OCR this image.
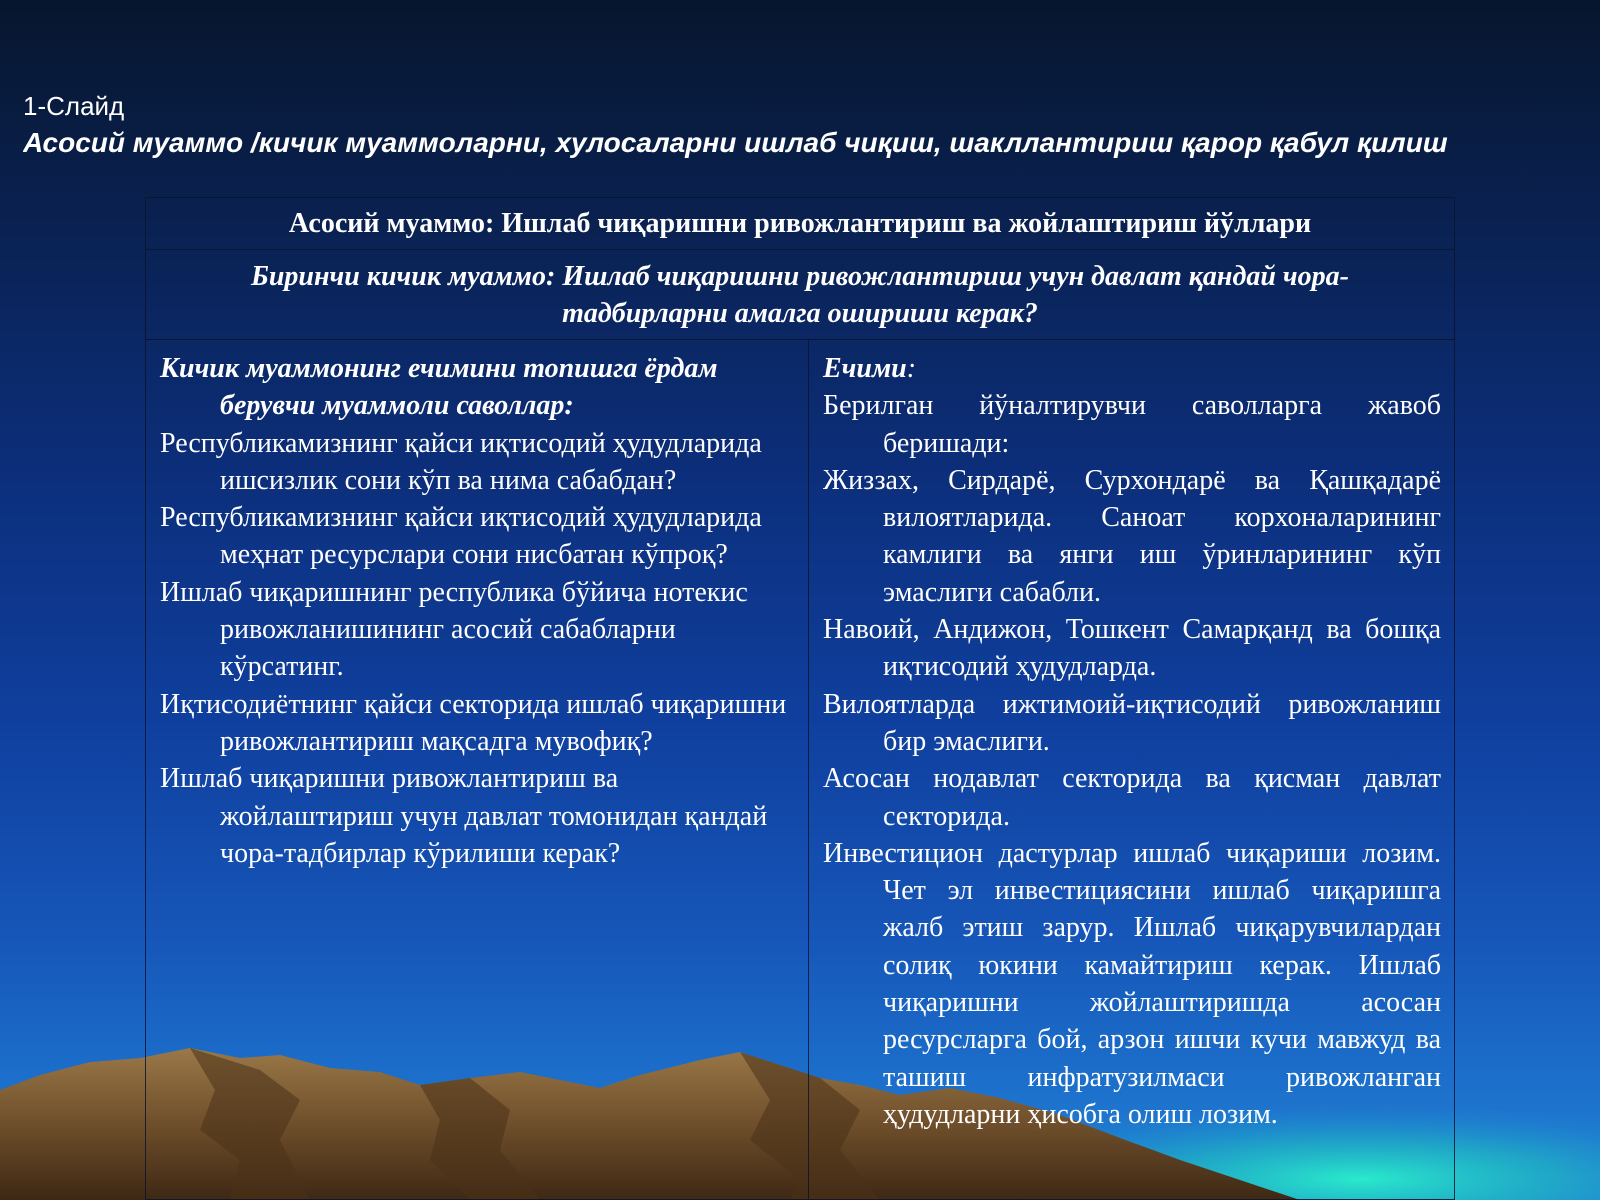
1-Слайд
Асосий муаммо /кичик муаммоларни, хулосаларни ишлаб чиқиш, шакллантириш қарор қабул қилиш
Асосий муаммо: Ишлаб чиқаришни ривожлантириш ва жойлаштириш йўллари
Биринчи кичик муаммо: Ишлаб чиқаришни ривожлантириш учун давлат қандай чора-тадбирларни амалга ошириши керак?
Кичик муаммонинг ечимини топишга ёрдам берувчи муаммоли саволлар:
Республикамизнинг қайси иқтисодий ҳудудларида ишсизлик сони кўп ва нима сабабдан?
Республикамизнинг қайси иқтисодий ҳудудларида меҳнат ресурслари сони нисбатан кўпроқ?
Ишлаб чиқаришнинг республика бўйича нотекис ривожланишининг асосий сабабларни кўрсатинг.
Иқтисодиётнинг қайси секторида ишлаб чиқаришни ривожлантириш мақсадга мувофиқ?
Ишлаб чиқаришни ривожлантириш ва жойлаштириш учун давлат томонидан қандай чора-тадбирлар кўрилиши керак?
Ечими:
Берилган йўналтирувчи саволларга жавоб беришади:
Жиззах, Сирдарё, Сурхондарё ва Қашқадарё вилоятларида. Саноат корхоналарининг камлиги ва янги иш ўринларининг кўп эмаслиги сабабли.
Навоий, Андижон, Тошкент Самарқанд ва бошқа иқтисодий ҳудудларда.
Вилоятларда ижтимоий-иқтисодий ривожланиш бир эмаслиги.
Асосан нодавлат секторида ва қисман давлат секторида.
Инвестицион дастурлар ишлаб чиқариши лозим. Чет эл инвестициясини ишлаб чиқаришга жалб этиш зарур. Ишлаб чиқарувчилардан солиқ юкини камайтириш керак. Ишлаб чиқаришни жойлаштиришда асосан ресурсларга бой, арзон ишчи кучи мавжуд ва ташиш инфратузилмаси ривожланган ҳудудларни ҳисобга олиш лозим.
